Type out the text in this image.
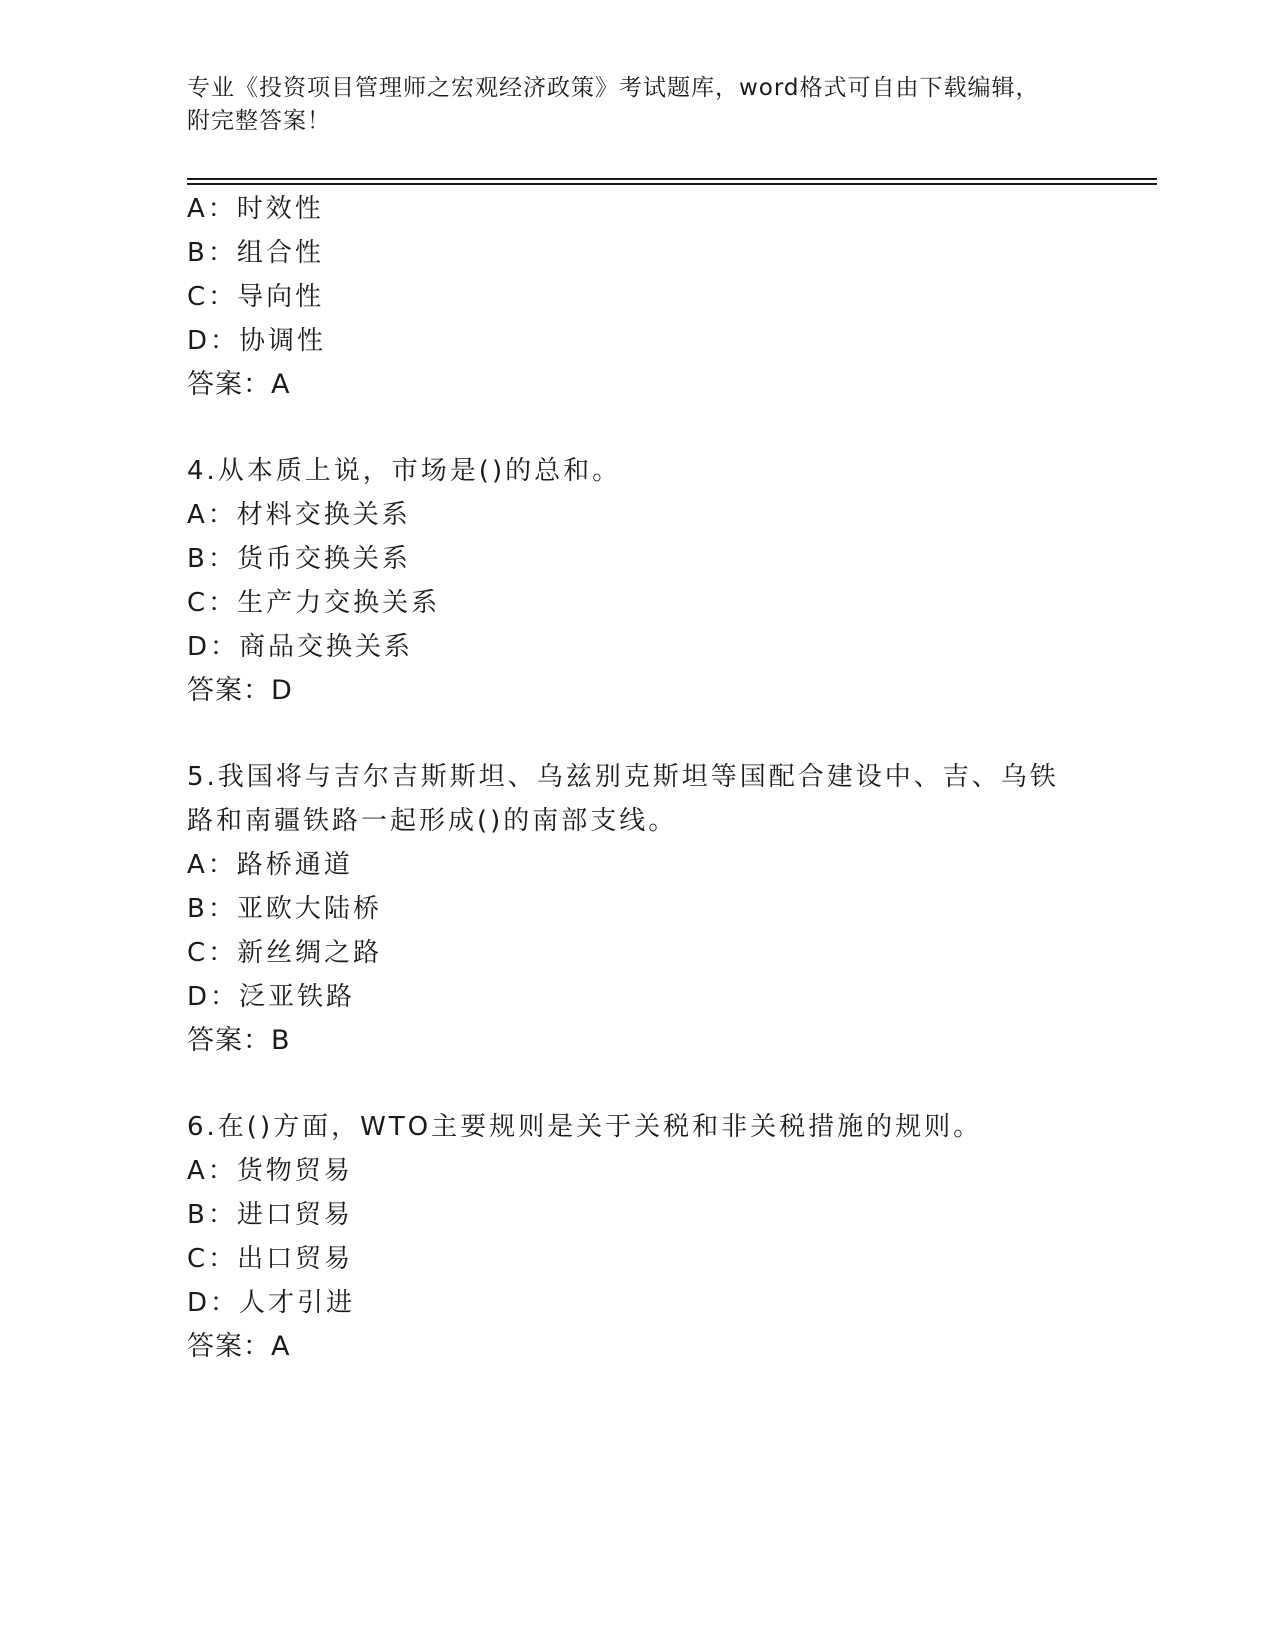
专业《投资项目管理师之宏观经济政策》考试题库，word格式可自由下载编辑，
附完整答案！
A：时效性
B：组合性
C：导向性
D：协调性
答案：A
4.从本质上说，市场是()的总和。
A：材料交换关系
B：货币交换关系
C：生产力交换关系
D：商品交换关系
答案：D
5.我国将与吉尔吉斯斯坦、乌兹别克斯坦等国配合建设中、吉、乌铁
路和南疆铁路一起形成()的南部支线。
A：路桥通道
B：亚欧大陆桥
C：新丝绸之路
D：泛亚铁路
答案：B
6.在()方面，WTO主要规则是关于关税和非关税措施的规则。
A：货物贸易
B：进口贸易
C：出口贸易
D：人才引进
答案：A
